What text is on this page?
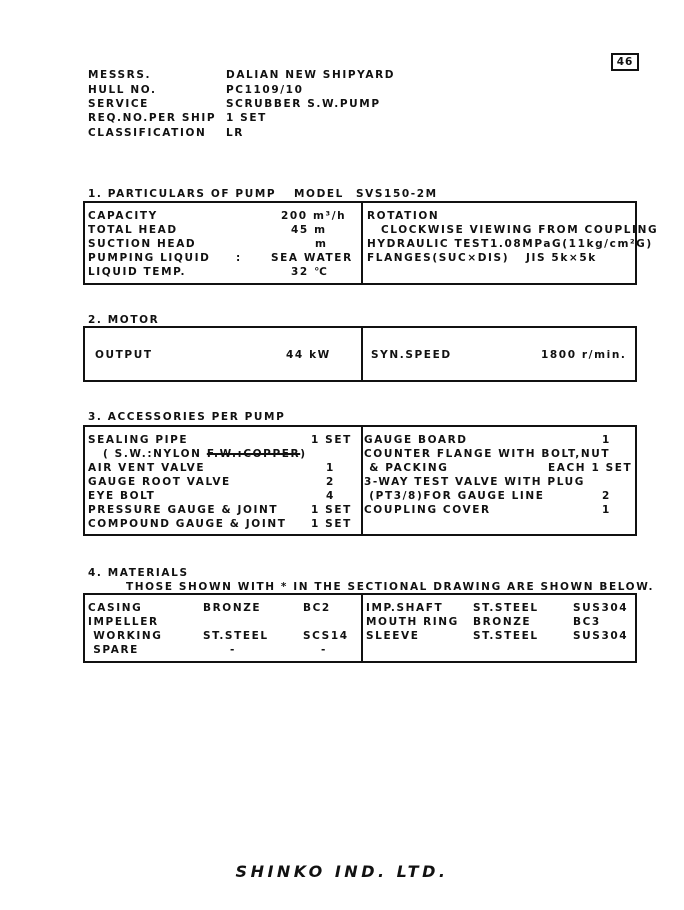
46
MESSRS.	DALIAN NEW SHIPYARD
HULL NO.	PC1109/10
SERVICE	SCRUBBER S.W.PUMP
REQ.NO.PER SHIP 1 SET
CLASSIFICATION LR
1. PARTICULARS OF PUMP MODEL SVS150-2M
CAPACITY	200 m³/h
TOTAL HEAD	45 m
SUCTION HEAD	m
PUMPING LIQUID :	SEA WATER
LIQUID TEMP.	32 ℃
ROTATION
CLOCKWISE VIEWING FROM COUPLING
HYDRAULIC TEST 1.08MPaG(11kg/cm²G)
FLANGES(SUC×DIS) JIS 5k×5k
2. MOTOR
OUTPUT	44 kW	SYN.SPEED	1800 r/min.
3. ACCESSORIES PER PUMP
SEALING PIPE	1 SET
( S.W.:NYLON F.W.:COPPER)
AIR VENT VALVE	1
GAUGE ROOT VALVE	2
EYE BOLT	4
PRESSURE GAUGE & JOINT	1 SET
COMPOUND GAUGE & JOINT 1 SET
GAUGE BOARD	1
COUNTER FLANGE WITH BOLT,NUT
& PACKING	EACH 1 SET
3-WAY TEST VALVE WITH PLUG
(PT3/8)FOR GAUGE LINE	2
COUPLING COVER	1
4. MATERIALS
THOSE SHOWN WITH * IN THE SECTIONAL DRAWING ARE SHOWN BELOW.
CASING	BRONZE	BC2
IMPELLER
WORKING	ST.STEEL	SCS14
SPARE	-	-
IMP.SHAFT	ST.STEEL	SUS304
MOUTH RING BRONZE	BC3
SLEEVE	ST.STEEL	SUS304
SHINKO IND. LTD.
